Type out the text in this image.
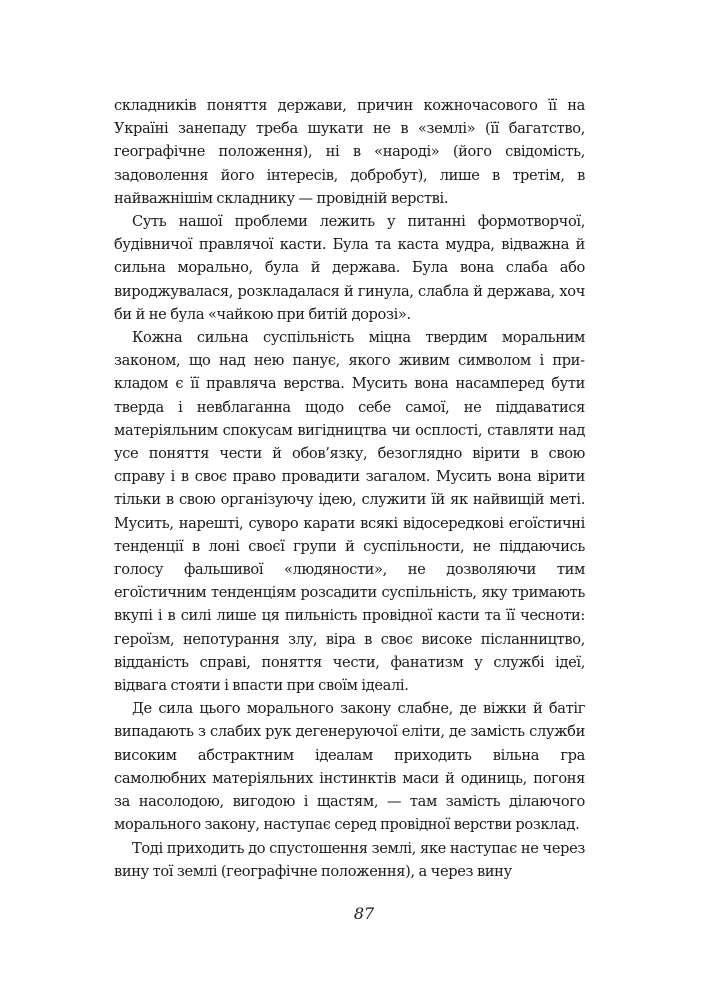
складників поняття держави, причин кожночасового її на Україні занепаду треба шукати не в «землі» (її багатство, географічне положення), ні в «народі» (його свідомість, задоволення його інтересів, добробут), лише в третім, в найважнішім складнику — провідній верстві.

Суть нашої проблеми лежить у питанні формотворчої, будівничої правлячої касти. Була та каста мудра, відважна й сильна морально, була й держава. Була вона слаба або вироджувалася, розкладалася й гинула, слабла й держава, хоч би й не була «чайкою при битій дорозі».

Кожна сильна суспільність міцна твердим моральним законом, що над нею панує, якого живим символом і прикладом є її правляча верства. Мусить вона насамперед бути тверда і невблаганна щодо себе самої, не піддаватися матеріяльним спокусам вигідництва чи осплості, ставляти над усе поняття чести й обов’язку, безоглядно вірити в свою справу і в своє право провадити загалом. Мусить вона вірити тільки в свою організуючу ідею, служити їй як найвищій меті. Мусить, нарешті, суворо карати всякі відосередкові егоїстичні тенденції в лоні своєї групи й суспільности, не піддаючись голосу фальшивої «людяности», не дозволяючи тим егоїстичним тенденціям розсадити суспільність, яку тримають вкупі і в силі лише ця пильність провідної касти та її чесноти: героїзм, непотурання злу, віра в своє високе післанництво, відданість справі, поняття чести, фанатизм у службі ідеї, відвага стояти і впасти при своїм ідеалі.

Де сила цього морального закону слабне, де віжки й батіг випадають з слабих рук дегенеруючої еліти, де замість служби високим абстрактним ідеалам приходить вільна гра самолюбних матеріяльних інстинктів маси й одиниць, погоня за насолодою, вигодою і щастям, — там замість ділаючого морального закону, наступає серед провідної верстви розклад.

Тоді приходить до спустошення землі, яке наступає не через вину тої землі (географічне положення), а через вину

87
